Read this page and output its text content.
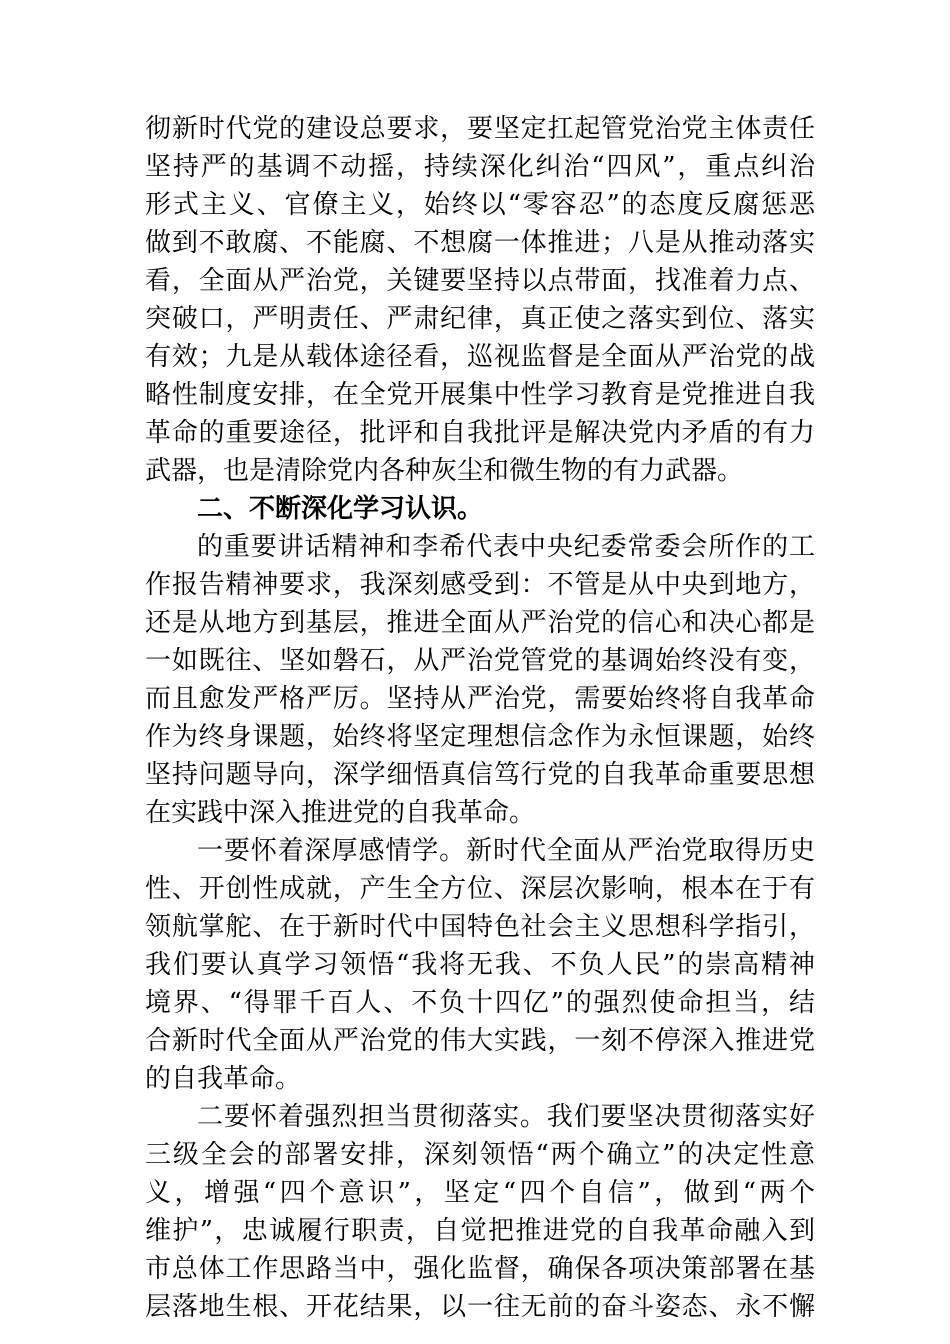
彻新时代党的建设总要求，要坚定扛起管党治党主体责任
坚持严的基调不动摇，持续深化纠治“四风”，重点纠治
形式主义、官僚主义，始终以“零容忍”的态度反腐惩恶
做到不敢腐、不能腐、不想腐一体推进；八是从推动落实
看，全面从严治党，关键要坚持以点带面，找准着力点、
突破口，严明责任、严肃纪律，真正使之落实到位、落实
有效；九是从载体途径看，巡视监督是全面从严治党的战
略性制度安排，在全党开展集中性学习教育是党推进自我
革命的重要途径，批评和自我批评是解决党内矛盾的有力
武器，也是清除党内各种灰尘和微生物的有力武器。
二、不断深化学习认识。
的重要讲话精神和李希代表中央纪委常委会所作的工
作报告精神要求，我深刻感受到：不管是从中央到地方，
还是从地方到基层，推进全面从严治党的信心和决心都是
一如既往、坚如磐石，从严治党管党的基调始终没有变，
而且愈发严格严厉。坚持从严治党，需要始终将自我革命
作为终身课题，始终将坚定理想信念作为永恒课题，始终
坚持问题导向，深学细悟真信笃行党的自我革命重要思想
在实践中深入推进党的自我革命。
一要怀着深厚感情学。新时代全面从严治党取得历史
性、开创性成就，产生全方位、深层次影响，根本在于有
领航掌舵、在于新时代中国特色社会主义思想科学指引，
我们要认真学习领悟“我将无我、不负人民”的崇高精神
境界、“得罪千百人、不负十四亿”的强烈使命担当，结
合新时代全面从严治党的伟大实践，一刻不停深入推进党
的自我革命。
二要怀着强烈担当贯彻落实。我们要坚决贯彻落实好
三级全会的部署安排，深刻领悟“两个确立”的决定性意
义，增强“四个意识”，坚定“四个自信”，做到“两个
维护”，忠诚履行职责，自觉把推进党的自我革命融入到
市总体工作思路当中，强化监督，确保各项决策部署在基
层落地生根、开花结果，以一往无前的奋斗姿态、永不懈
